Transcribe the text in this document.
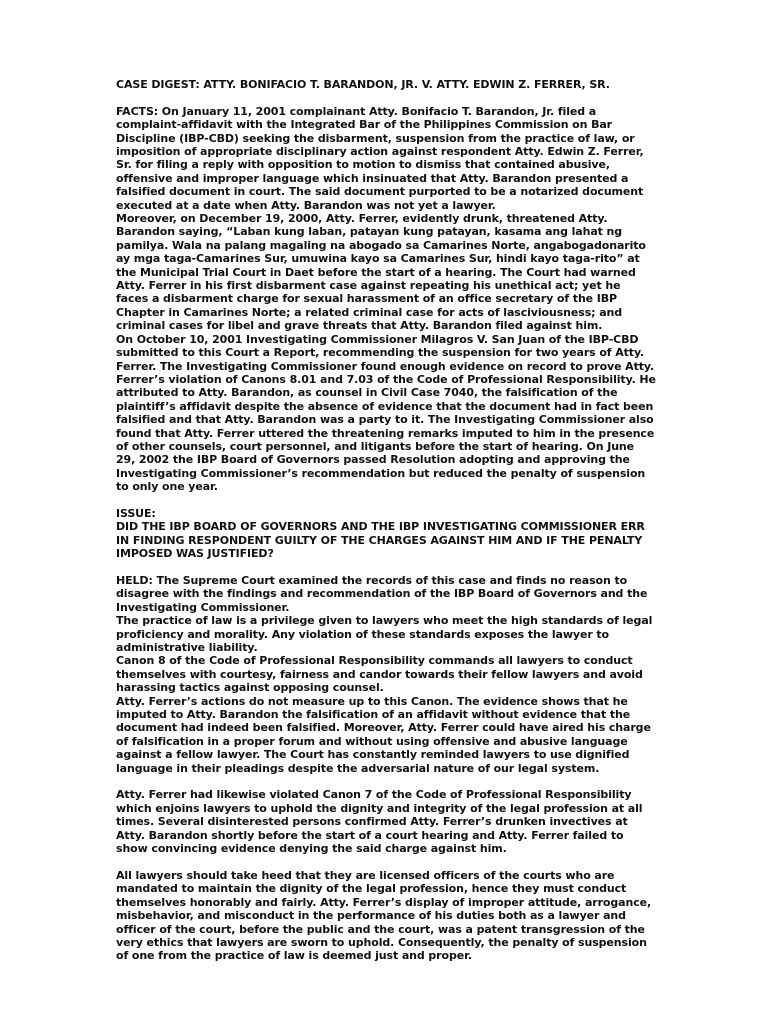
CASE DIGEST: ATTY. BONIFACIO T. BARANDON, JR. V. ATTY. EDWIN Z. FERRER, SR.

FACTS: On January 11, 2001 complainant Atty. Bonifacio T. Barandon, Jr. filed a complaint-affidavit with the Integrated Bar of the Philippines Commission on Bar Discipline (IBP-CBD) seeking the disbarment, suspension from the practice of law, or imposition of appropriate disciplinary action against respondent Atty. Edwin Z. Ferrer, Sr. for filing a reply with opposition to motion to dismiss that contained abusive, offensive and improper language which insinuated that Atty. Barandon presented a falsified document in court. The said document purported to be a notarized document executed at a date when Atty. Barandon was not yet a lawyer.

Moreover, on December 19, 2000, Atty. Ferrer, evidently drunk, threatened Atty. Barandon saying, “Laban kung laban, patayan kung patayan, kasama ang lahat ng pamilya. Wala na palang magaling na abogado sa Camarines Norte, angabogadonarito ay mga taga-Camarines Sur, umuwina kayo sa Camarines Sur, hindi kayo taga-rito” at the Municipal Trial Court in Daet before the start of a hearing. The Court had warned Atty. Ferrer in his first disbarment case against repeating his unethical act; yet he faces a disbarment charge for sexual harassment of an office secretary of the IBP Chapter in Camarines Norte; a related criminal case for acts of lasciviousness; and criminal cases for libel and grave threats that Atty. Barandon filed against him.

On October 10, 2001 Investigating Commissioner Milagros V. San Juan of the IBP-CBD submitted to this Court a Report, recommending the suspension for two years of Atty. Ferrer. The Investigating Commissioner found enough evidence on record to prove Atty. Ferrer’s violation of Canons 8.01 and 7.03 of the Code of Professional Responsibility. He attributed to Atty. Barandon, as counsel in Civil Case 7040, the falsification of the plaintiff’s affidavit despite the absence of evidence that the document had in fact been falsified and that Atty. Barandon was a party to it. The Investigating Commissioner also found that Atty. Ferrer uttered the threatening remarks imputed to him in the presence of other counsels, court personnel, and litigants before the start of hearing. On June 29, 2002 the IBP Board of Governors passed Resolution adopting and approving the Investigating Commissioner’s recommendation but reduced the penalty of suspension to only one year.

ISSUE:

DID THE IBP BOARD OF GOVERNORS AND THE IBP INVESTIGATING COMMISSIONER ERR IN FINDING RESPONDENT GUILTY OF THE CHARGES AGAINST HIM AND IF THE PENALTY IMPOSED WAS JUSTIFIED?

HELD: The Supreme Court examined the records of this case and finds no reason to disagree with the findings and recommendation of the IBP Board of Governors and the Investigating Commissioner.

The practice of law is a privilege given to lawyers who meet the high standards of legal proficiency and morality. Any violation of these standards exposes the lawyer to administrative liability.

Canon 8 of the Code of Professional Responsibility commands all lawyers to conduct themselves with courtesy, fairness and candor towards their fellow lawyers and avoid harassing tactics against opposing counsel.

Atty. Ferrer’s actions do not measure up to this Canon. The evidence shows that he imputed to Atty. Barandon the falsification of an affidavit without evidence that the document had indeed been falsified. Moreover, Atty. Ferrer could have aired his charge of falsification in a proper forum and without using offensive and abusive language against a fellow lawyer. The Court has constantly reminded lawyers to use dignified language in their pleadings despite the adversarial nature of our legal system.

Atty. Ferrer had likewise violated Canon 7 of the Code of Professional Responsibility which enjoins lawyers to uphold the dignity and integrity of the legal profession at all times. Several disinterested persons confirmed Atty. Ferrer’s drunken invectives at Atty. Barandon shortly before the start of a court hearing and Atty. Ferrer failed to show convincing evidence denying the said charge against him.

All lawyers should take heed that they are licensed officers of the courts who are mandated to maintain the dignity of the legal profession, hence they must conduct themselves honorably and fairly. Atty. Ferrer’s display of improper attitude, arrogance, misbehavior, and misconduct in the performance of his duties both as a lawyer and officer of the court, before the public and the court, was a patent transgression of the very ethics that lawyers are sworn to uphold. Consequently, the penalty of suspension of one from the practice of law is deemed just and proper.
